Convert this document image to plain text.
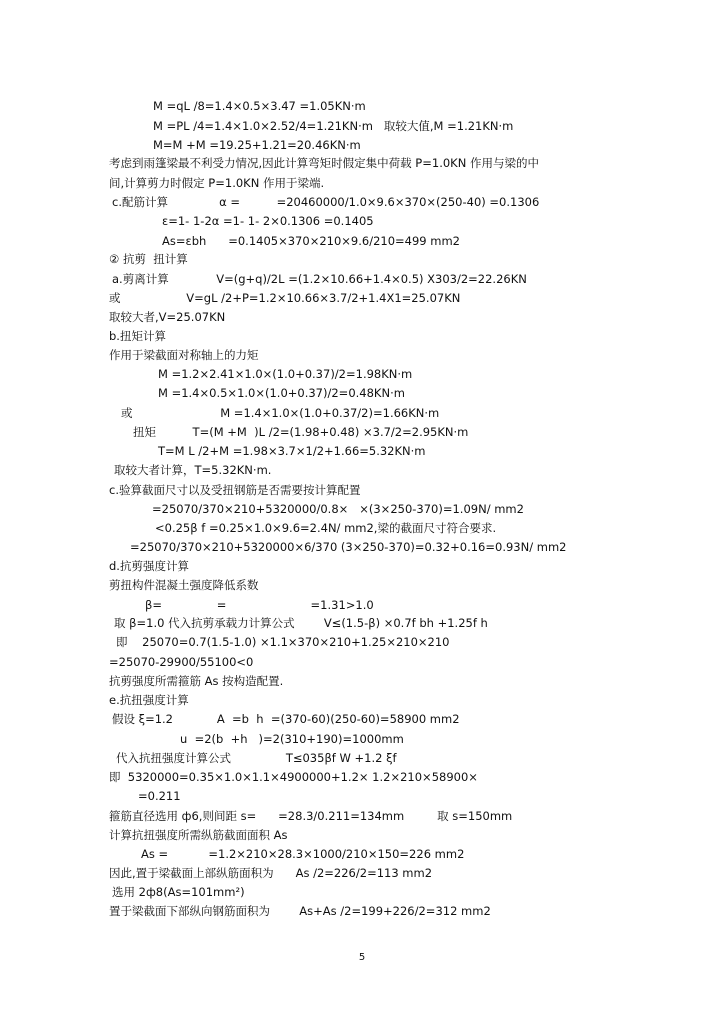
M =qL /8=1.4×0.5×3.47 =1.05KN·m
M =PL /4=1.4×1.0×2.52/4=1.21KN·m   取较大值,M =1.21KN·m
M=M +M =19.25+1.21=20.46KN·m
考虑到雨篷梁最不利受力情况,因此计算弯矩时假定集中荷载 P=1.0KN 作用与梁的中
间,计算剪力时假定 P=1.0KN 作用于梁端.
c.配筋计算              α =          =20460000/1.0×9.6×370×(250-40) =0.1306
ε=1- 1-2α =1- 1- 2×0.1306 =0.1405
As=εbh      =0.1405×370×210×9.6/210=499 mm2
② 抗剪  扭计算
a.剪离计算             V=(g+q)/2L =(1.2×10.66+1.4×0.5) X303/2=22.26KN
或                  V=gL /2+P=1.2×10.66×3.7/2+1.4X1=25.07KN
取较大者,V=25.07KN
b.扭矩计算
作用于梁截面对称轴上的力矩
M =1.2×2.41×1.0×(1.0+0.37)/2=1.98KN·m
M =1.4×0.5×1.0×(1.0+0.37)/2=0.48KN·m
或                        M =1.4×1.0×(1.0+0.37/2)=1.66KN·m
扭矩          T=(M +M  )L /2=(1.98+0.48) ×3.7/2=2.95KN·m
T=M L /2+M =1.98×3.7×1/2+1.66=5.32KN·m
取较大者计算，T=5.32KN·m.
c.验算截面尺寸以及受扭钢筋是否需要按计算配置
=25070/370×210+5320000/0.8×   ×(3×250-370)=1.09N/ mm2
<0.25β f =0.25×1.0×9.6=2.4N/ mm2,梁的截面尺寸符合要求.
=25070/370×210+5320000×6/370 (3×250-370)=0.32+0.16=0.93N/ mm2
d.抗剪强度计算
剪扭构件混凝土强度降低系数
β=               =                       =1.31>1.0
取 β=1.0 代入抗剪承载力计算公式        V≤(1.5-β) ×0.7f bh +1.25f h
即    25070=0.7(1.5-1.0) ×1.1×370×210+1.25×210×210
=25070-29900/55100<0
抗剪强度所需箍筋 As 按构造配置.
e.抗扭强度计算
假设 ξ=1.2            A  =b  h  =(370-60)(250-60)=58900 mm2
u  =2(b  +h   )=2(310+190)=1000mm
代入抗扭强度计算公式               T≤035βf W +1.2 ξf
即  5320000=0.35×1.0×1.1×4900000+1.2× 1.2×210×58900×
=0.211
箍筋直径选用 ф6,则间距 s=      =28.3/0.211=134mm         取 s=150mm
计算抗扭强度所需纵筋截面面积 As
As =           =1.2×210×28.3×1000/210×150=226 mm2
因此,置于梁截面上部纵筋面积为      As /2=226/2=113 mm2
选用 2ф8(As=101mm²)
置于梁截面下部纵向钢筋面积为        As+As /2=199+226/2=312 mm2
5
